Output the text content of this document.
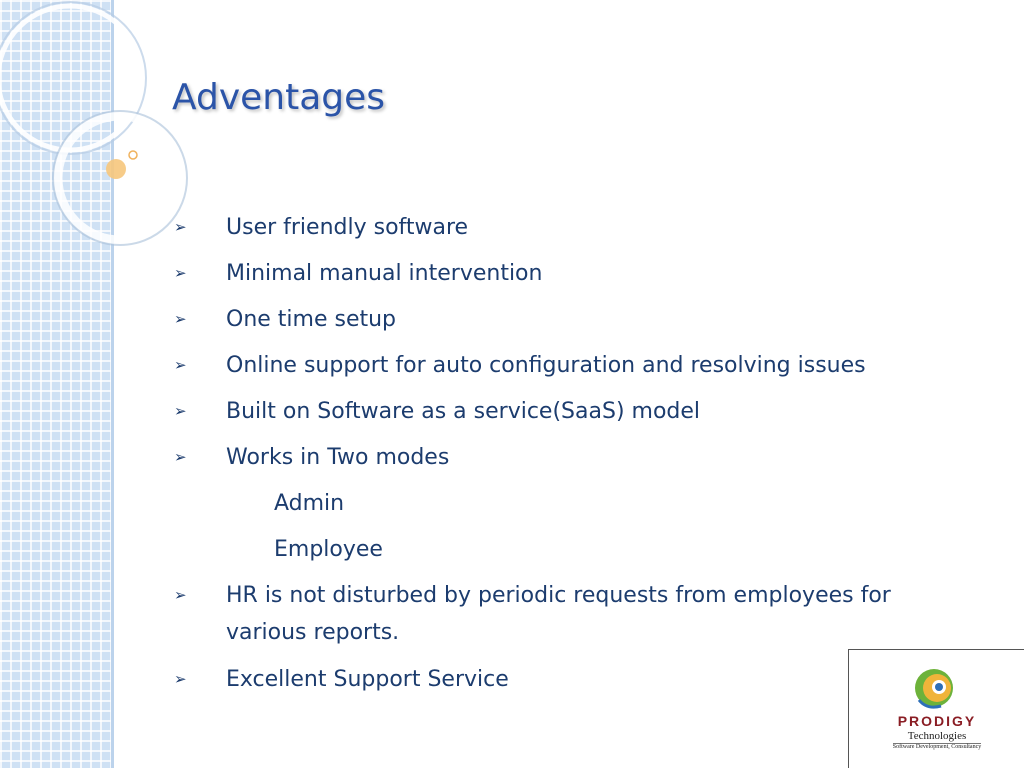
Adventages
➢ User friendly software
➢ Minimal manual intervention
➢ One time setup
➢ Online support for auto configuration and resolving issues
➢ Built on Software as a service(SaaS) model
➢ Works in Two modes
Admin
Employee
➢ HR is not disturbed by periodic requests from employees for various reports.
➢ Excellent Support Service
PRODIGY
Technologies
Software Development, Consultancy
